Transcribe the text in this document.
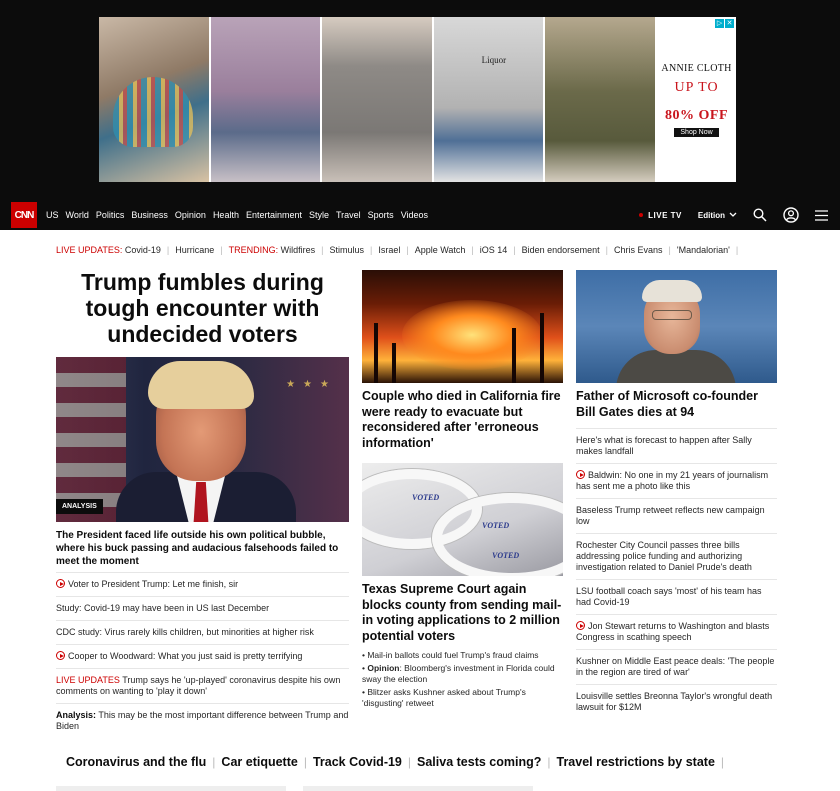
Liquor
▷ ✕
ANNIE CLOTH
UP TO
80% OFF
Shop Now
CNN	US World Politics Business Opinion Health Entertainment Style Travel Sports Videos	LIVE TV Edition
LIVE UPDATES:
Covid-19 | Hurricane | TRENDING:
Wildfires | Stimulus | Israel | Apple Watch | iOS 14 | Biden endorsement | Chris Evans | 'Mandalorian' |
Trump fumbles during tough encounter with undecided voters
★★★
ANALYSIS
The President faced life outside his own political bubble, where his buck passing and audacious falsehoods failed to meet the moment
Voter to President Trump: Let me finish, sir
Study: Covid-19 may have been in US last December
CDC study: Virus rarely kills children, but minorities at higher risk
Cooper to Woodward: What you just said is pretty terrifying
LIVE UPDATES Trump says he 'up-played' coronavirus despite his own comments on wanting to 'play it down'
Analysis: This may be the most important difference between Trump and Biden
Couple who died in California fire were ready to evacuate but reconsidered after 'erroneous information'
VOTED
VOTED
VOTED
Texas Supreme Court again blocks county from sending mail-in voting applications to 2 million potential voters
• Mail-in ballots could fuel Trump's fraud claims
• Opinion: Bloomberg's investment in Florida could sway the election
• Blitzer asks Kushner asked about Trump's 'disgusting' retweet
Father of Microsoft co-founder Bill Gates dies at 94
Here's what is forecast to happen after Sally makes landfall
Baldwin: No one in my 21 years of journalism has sent me a photo like this
Baseless Trump retweet reflects new campaign low
Rochester City Council passes three bills addressing police funding and authorizing investigation related to Daniel Prude's death
LSU football coach says 'most' of his team has had Covid-19
Jon Stewart returns to Washington and blasts Congress in scathing speech
Kushner on Middle East peace deals: 'The people in the region are tired of war'
Louisville settles Breonna Taylor's wrongful death lawsuit for $12M
Coronavirus and the flu | Car etiquette | Track Covid-19 | Saliva tests coming? | Travel restrictions by state |
